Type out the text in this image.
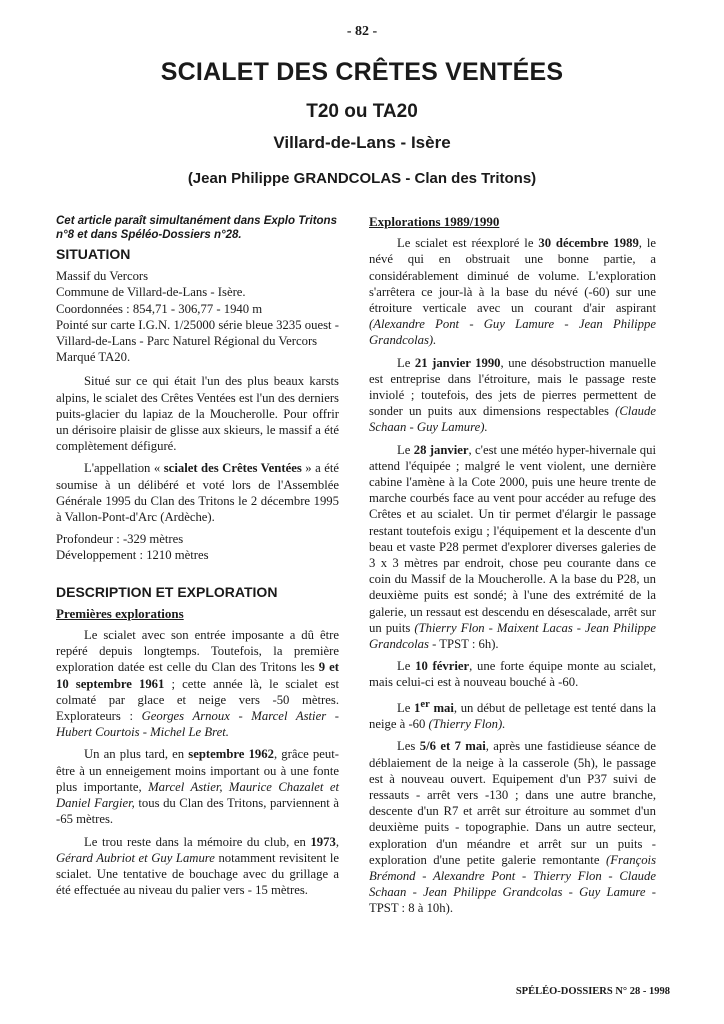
- 82 -
SCIALET DES CRÊTES VENTÉES
T20 ou TA20
Villard-de-Lans - Isère
(Jean Philippe GRANDCOLAS - Clan des Tritons)

Cet article paraît simultanément dans Explo Tritons n°8 et dans Spéléo-Dossiers n°28.

SITUATION
Massif du Vercors
Commune de Villard-de-Lans - Isère.
Coordonnées : 854,71 - 306,77 - 1940 m
Pointé sur carte I.G.N. 1/25000 série bleue 3235 ouest - Villard-de-Lans - Parc Naturel Régional du Vercors
Marqué TA20.

Situé sur ce qui était l'un des plus beaux karsts alpins, le scialet des Crêtes Ventées est l'un des derniers puits-glacier du lapiaz de la Moucherolle. Pour offrir un dérisoire plaisir de glisse aux skieurs, le massif a été complètement défiguré.

L'appellation « scialet des Crêtes Ventées » a été soumise à un délibéré et voté lors de l'Assemblée Générale 1995 du Clan des Tritons le 2 décembre 1995 à Vallon-Pont-d'Arc (Ardèche).

Profondeur : -329 mètres
Développement : 1210 mètres
DESCRIPTION ET EXPLORATION
Premières explorations

Le scialet avec son entrée imposante a dû être repéré depuis longtemps. Toutefois, la première exploration datée est celle du Clan des Tritons les 9 et 10 septembre 1961 ; cette année là, le scialet est colmaté par glace et neige vers -50 mètres. Explorateurs : Georges Arnoux - Marcel Astier - Hubert Courtois - Michel Le Bret.

Un an plus tard, en septembre 1962, grâce peut-être à un enneigement moins important ou à une fonte plus importante, Marcel Astier, Maurice Chazalet et Daniel Fargier, tous du Clan des Tritons, parviennent à -65 mètres.

Le trou reste dans la mémoire du club, en 1973, Gérard Aubriot et Guy Lamure notamment revisitent le scialet. Une tentative de bouchage avec du grillage a été effectuée au niveau du palier vers - 15 mètres.

Explorations 1989/1990

Le scialet est réexploré le 30 décembre 1989, le névé qui en obstruait une bonne partie, a considérablement diminué de volume. L'exploration s'arrêtera ce jour-là à la base du névé (-60) sur une étroiture verticale avec un courant d'air aspirant (Alexandre Pont - Guy Lamure - Jean Philippe Grandcolas).

Le 21 janvier 1990, une désobstruction manuelle est entreprise dans l'étroiture, mais le passage reste inviolé ; toutefois, des jets de pierres permettent de sonder un puits aux dimensions respectables (Claude Schaan - Guy Lamure).

Le 28 janvier, c'est une météo hyper-hivernale qui attend l'équipée ; malgré le vent violent, une dernière cabine l'amène à la Cote 2000, puis une heure trente de marche courbés face au vent pour accéder au refuge des Crêtes et au scialet. Un tir permet d'élargir le passage restant toutefois exigu ; l'équipement et la descente d'un beau et vaste P28 permet d'explorer diverses galeries de 3 x 3 mètres par endroit, chose peu courante dans ce coin du Massif de la Moucherolle. A la base du P28, un deuxième puits est sondé; à l'une des extrémité de la galerie, un ressaut est descendu en désescalade, arrêt sur un puits (Thierry Flon - Maixent Lacas - Jean Philippe Grandcolas - TPST : 6h).

Le 10 février, une forte équipe monte au scialet, mais celui-ci est à nouveau bouché à -60.

Le 1er mai, un début de pelletage est tenté dans la neige à -60 (Thierry Flon).

Les 5/6 et 7 mai, après une fastidieuse séance de déblaiement de la neige à la casserole (5h), le passage est à nouveau ouvert. Equipement d'un P37 suivi de ressauts - arrêt vers -130 ; dans une autre branche, descente d'un R7 et arrêt sur étroiture au sommet d'un deuxième puits - topographie. Dans un autre secteur, exploration d'un méandre et arrêt sur un puits - exploration d'une petite galerie remontante (François Brémond - Alexandre Pont - Thierry Flon - Claude Schaan - Jean Philippe Grandcolas - Guy Lamure - TPST : 8 à 10h).

SPÉLÉO-DOSSIERS N° 28 - 1998
